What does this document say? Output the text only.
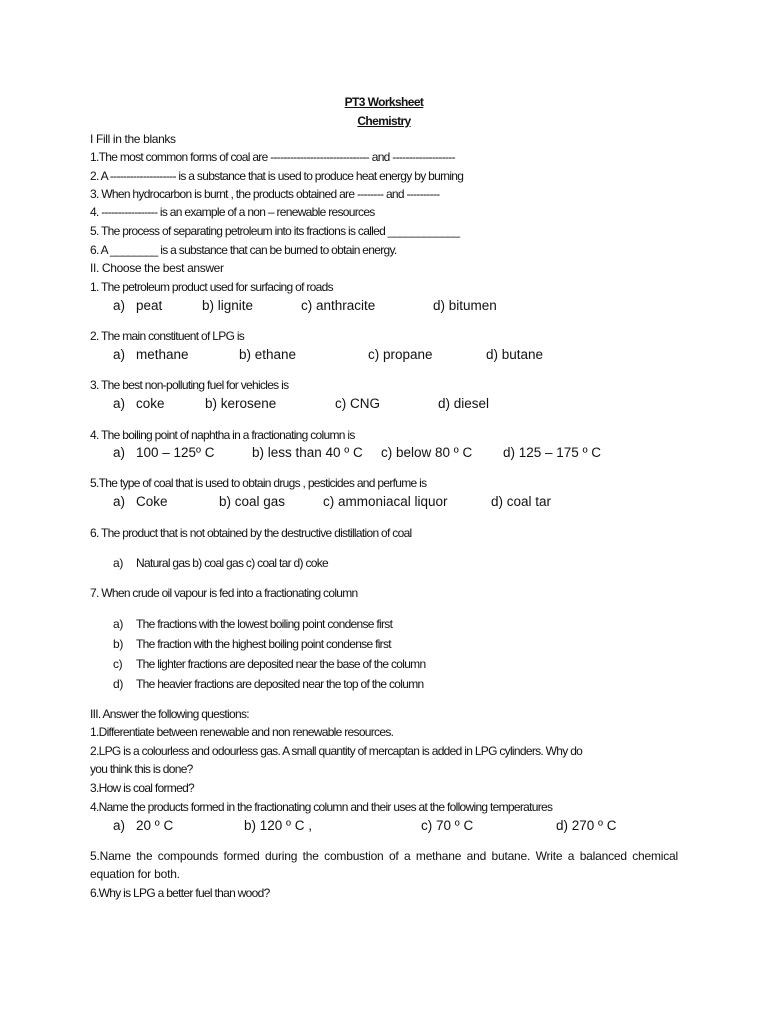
PT3 Worksheet
Chemistry
I Fill in the blanks
1.The most common forms of coal are ------------------------------ and -------------------
2. A -------------------- is a substance that is used to produce heat energy by burning
3. When hydrocarbon is burnt , the products obtained are -------- and ----------
4. ----------------- is an example of a non – renewable resources
5. The process of separating petroleum into its fractions is called ____________
6. A ________ is a substance that can be burned to obtain energy.
II. Choose the best answer
1. The petroleum product used for surfacing of roads
a) peat	b) lignite	c) anthracite	d) bitumen
2. The main constituent of LPG is
a) methane	b) ethane	c) propane	d) butane
3. The best non-polluting fuel for vehicles is
a) coke	b) kerosene	c) CNG	d) diesel
4. The boiling point of naphtha in a fractionating column is
a) 100 – 125º C	b) less than 40 º C c) below 80 º C d) 125 – 175 º C
5.The type of coal that is used to obtain drugs , pesticides and perfume is
a) Coke	b) coal gas	c) ammoniacal liquor	d) coal tar
6. The product that is not obtained by the destructive distillation of coal
a) Natural gas b) coal gas c) coal tar d) coke
7. When crude oil vapour is fed into a fractionating column
a) The fractions with the lowest boiling point condense first
b) The fraction with the highest boiling point condense first
c) The lighter fractions are deposited near the base of the column
d) The heavier fractions are deposited near the top of the column
III. Answer the following questions:
1.Differentiate between renewable and non renewable resources.
2.LPG is a colourless and odourless gas. A small quantity of mercaptan is added in LPG cylinders. Why do
you think this is done?
3.How is coal formed?
4.Name the products formed in the fractionating column and their uses at the following temperatures
a) 20 º C	b) 120 º C ,	c) 70 º C	d) 270 º C
5.Name the compounds formed during the combustion of a methane and butane. Write a balanced chemical equation for both.
6.Why is LPG a better fuel than wood?
